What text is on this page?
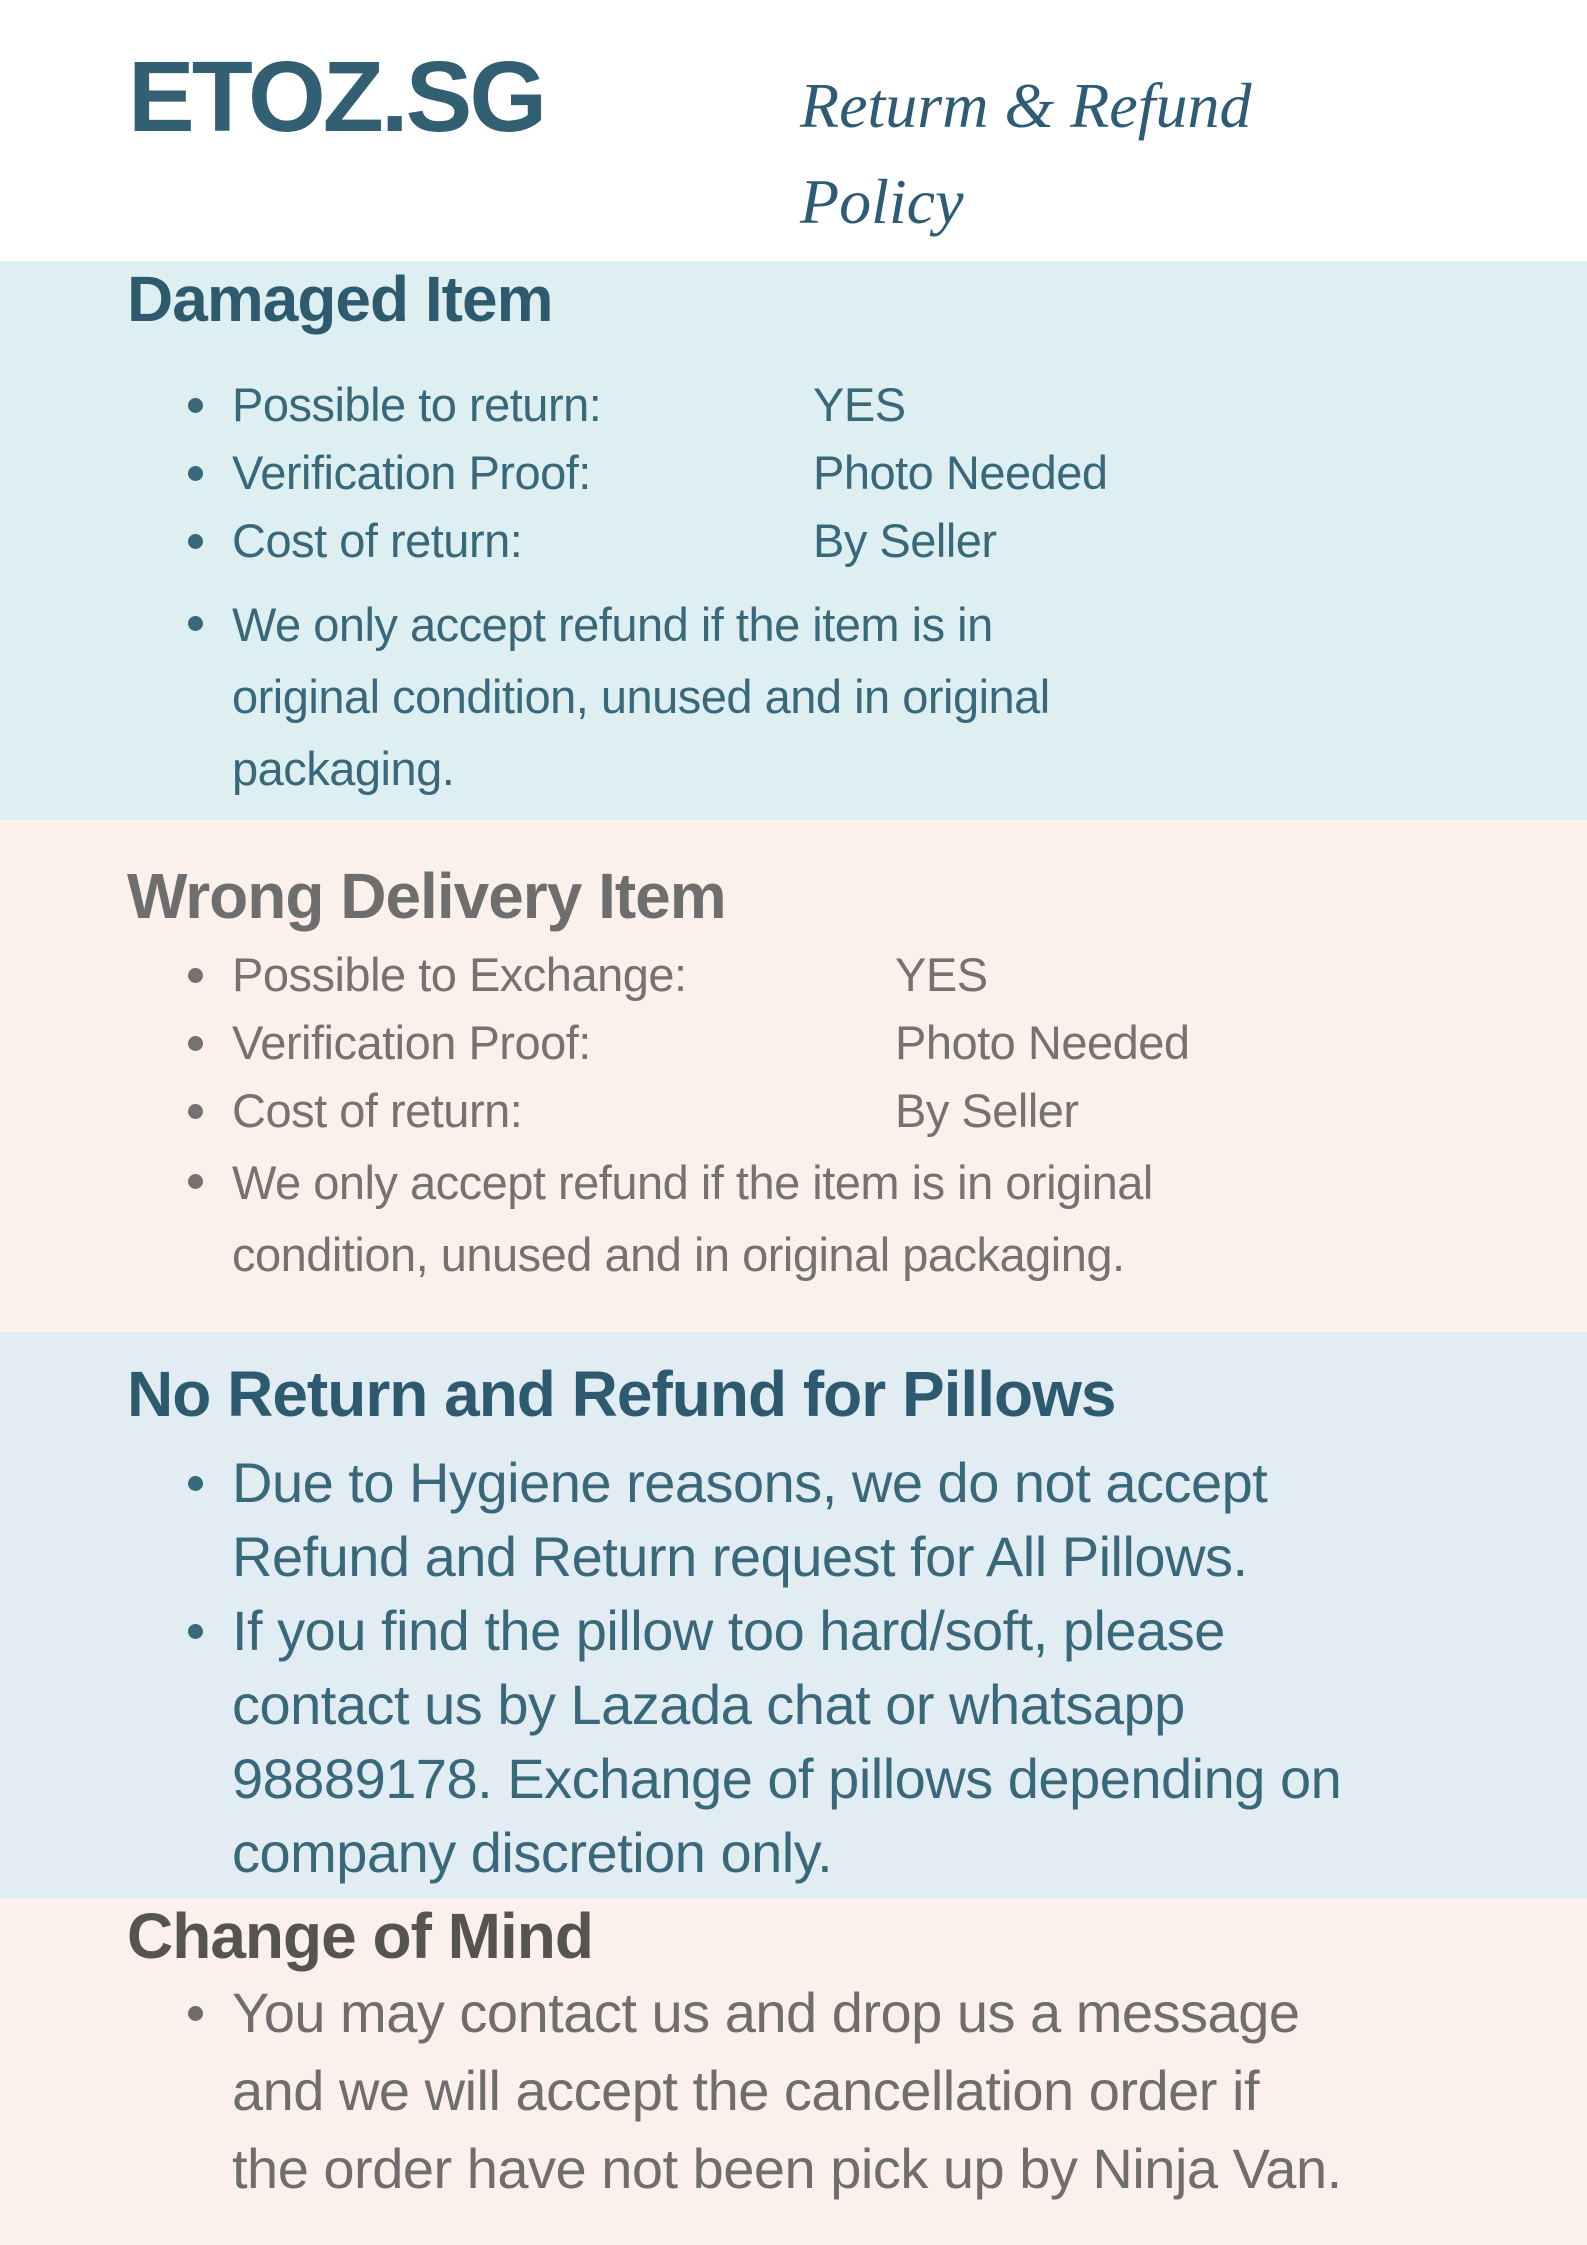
ETOZ.SG	Returm & Refund
Policy
Damaged Item
Possible to return:	YES
Verification Proof:	Photo Needed
Cost of return:	By Seller
We only accept refund if the item is in
original condition, unused and in original
packaging.
Wrong Delivery Item
Possible to Exchange:	YES
Verification Proof:	Photo Needed
Cost of return:	By Seller
We only accept refund if the item is in original
condition, unused and in original packaging.
No Return and Refund for Pillows
Due to Hygiene reasons, we do not accept
Refund and Return request for All Pillows.
If you find the pillow too hard/soft, please
contact us by Lazada chat or whatsapp
98889178. Exchange of pillows depending on
company discretion only.
Change of Mind
You may contact us and drop us a message
and we will accept the cancellation order if
the order have not been pick up by Ninja Van.
